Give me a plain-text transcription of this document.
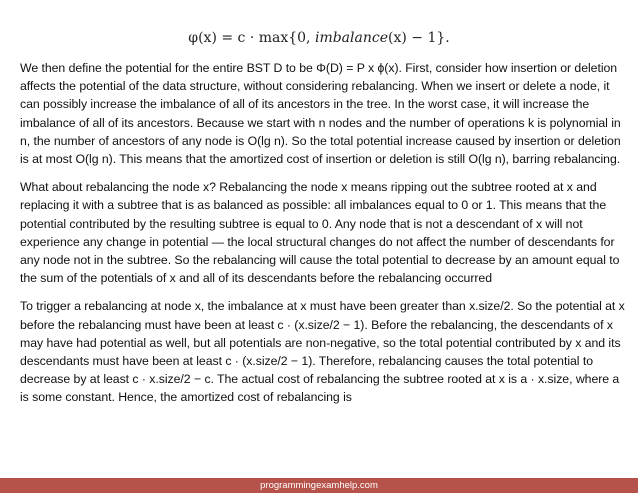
φ(x) = c · max{0, imbalance(x) − 1}.

We then define the potential for the entire BST D to be Φ(D) = P x ϕ(x). First, consider how insertion or deletion affects the potential of the data structure, without considering rebalancing. When we insert or delete a node, it can possibly increase the imbalance of all of its ancestors in the tree. In the worst case, it will increase the imbalance of all of its ancestors. Because we start with n nodes and the number of operations k is polynomial in n, the number of ancestors of any node is O(lg n). So the total potential increase caused by insertion or deletion is at most O(lg n). This means that the amortized cost of insertion or deletion is still O(lg n), barring rebalancing.

What about rebalancing the node x? Rebalancing the node x means ripping out the subtree rooted at x and replacing it with a subtree that is as balanced as possible: all imbalances equal to 0 or 1. This means that the potential contributed by the resulting subtree is equal to 0. Any node that is not a descendant of x will not experience any change in potential — the local structural changes do not affect the number of descendants for any node not in the subtree. So the rebalancing will cause the total potential to decrease by an amount equal to the sum of the potentials of x and all of its descendants before the rebalancing occurred

To trigger a rebalancing at node x, the imbalance at x must have been greater than x.size/2. So the potential at x before the rebalancing must have been at least c · (x.size/2 − 1). Before the rebalancing, the descendants of x may have had potential as well, but all potentials are non-negative, so the total potential contributed by x and its descendants must have been at least c · (x.size/2 − 1). Therefore, rebalancing causes the total potential to decrease by at least c · x.size/2 − c. The actual cost of rebalancing the subtree rooted at x is a · x.size, where a is some constant. Hence, the amortized cost of rebalancing is

programmingexamhelp.com
